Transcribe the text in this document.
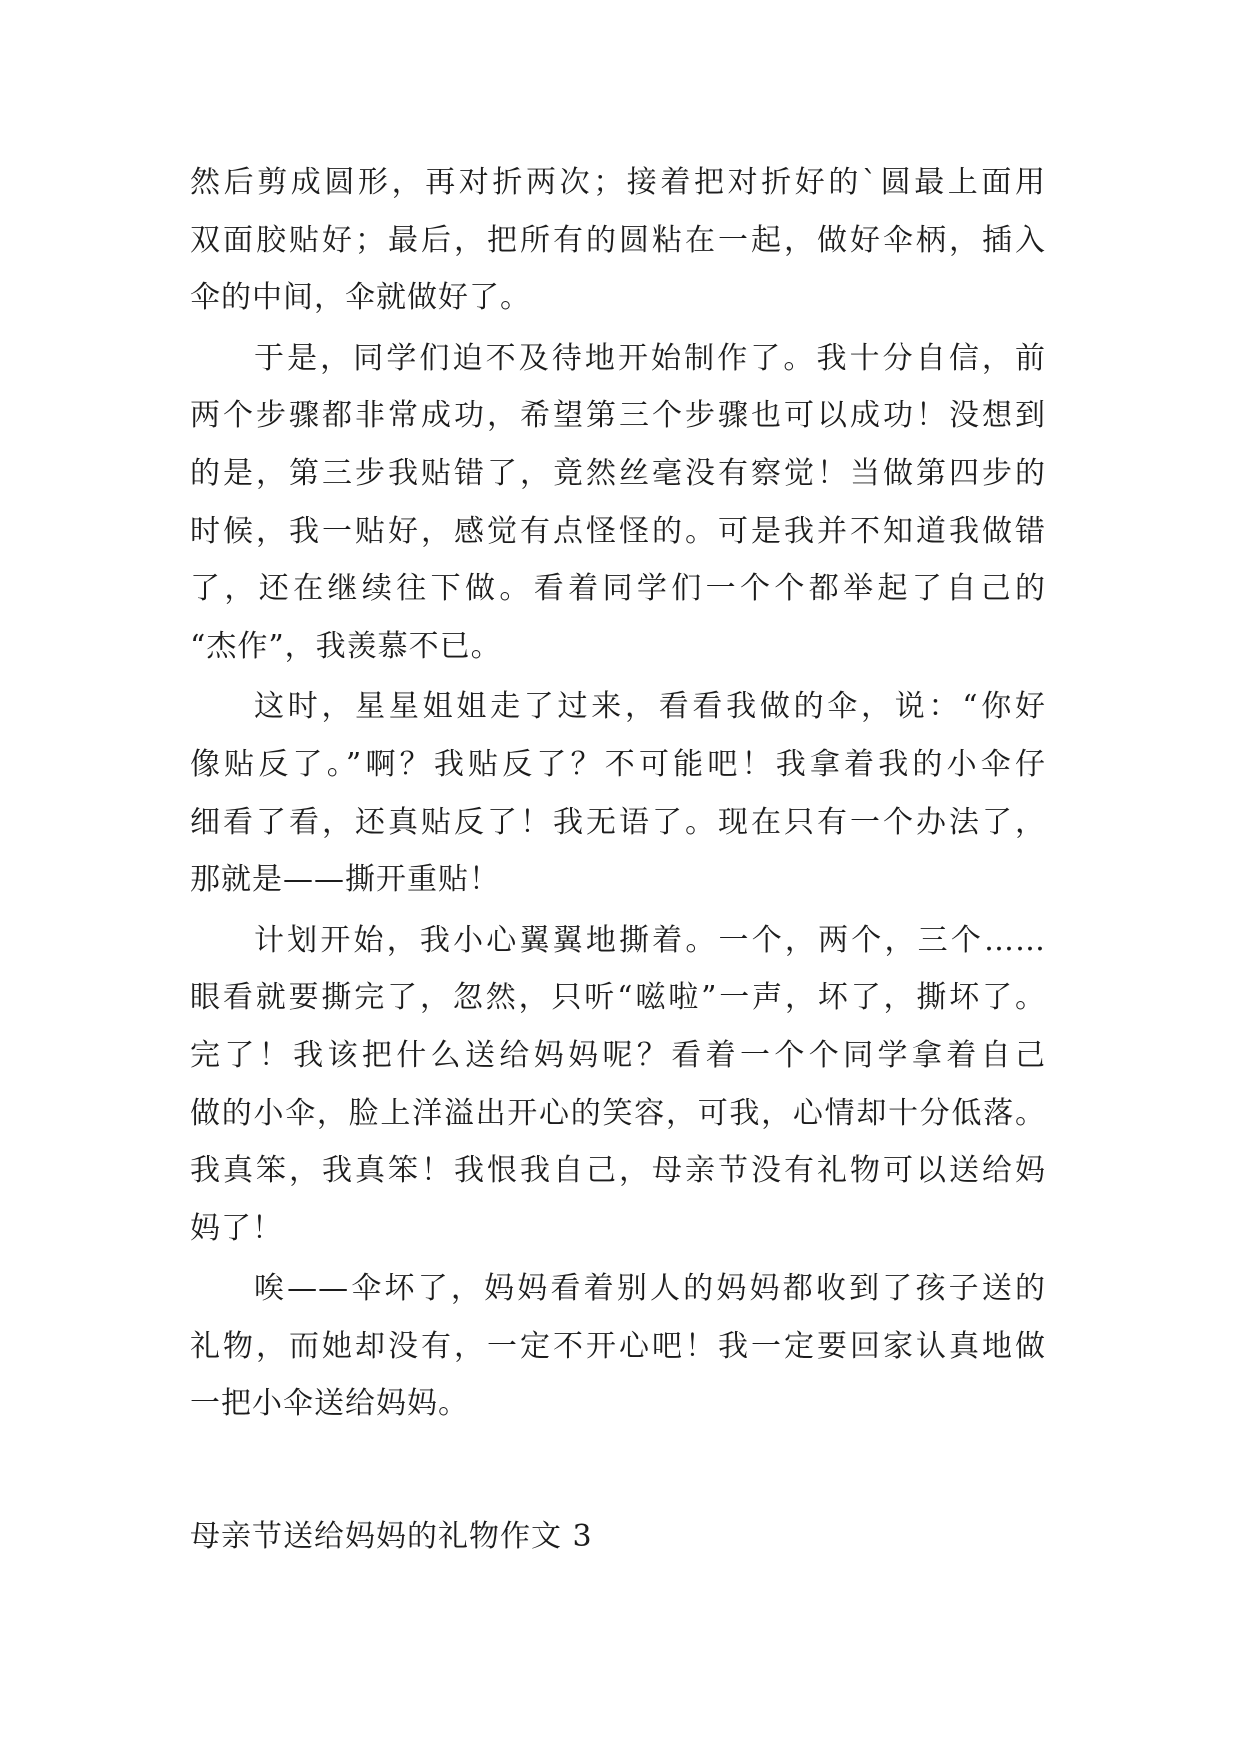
然后剪成圆形，再对折两次；接着把对折好的`圆最上面用
双面胶贴好；最后，把所有的圆粘在一起，做好伞柄，插入
伞的中间，伞就做好了。
于是，同学们迫不及待地开始制作了。我十分自信，前
两个步骤都非常成功，希望第三个步骤也可以成功！没想到
的是，第三步我贴错了，竟然丝毫没有察觉！当做第四步的
时候，我一贴好，感觉有点怪怪的。可是我并不知道我做错
了，还在继续往下做。看着同学们一个个都举起了自己的
“杰作”，我羡慕不已。
这时，星星姐姐走了过来，看看我做的伞，说：“你好
像贴反了。”啊？我贴反了？不可能吧！我拿着我的小伞仔
细看了看，还真贴反了！我无语了。现在只有一个办法了，
那就是——撕开重贴！
计划开始，我小心翼翼地撕着。一个，两个，三个……
眼看就要撕完了，忽然，只听“嗞啦”一声，坏了，撕坏了。
完了！我该把什么送给妈妈呢？看着一个个同学拿着自己
做的小伞，脸上洋溢出开心的笑容，可我，心情却十分低落。
我真笨，我真笨！我恨我自己，母亲节没有礼物可以送给妈
妈了！
唉——伞坏了，妈妈看着别人的妈妈都收到了孩子送的
礼物，而她却没有，一定不开心吧！我一定要回家认真地做
一把小伞送给妈妈。
母亲节送给妈妈的礼物作文 3
